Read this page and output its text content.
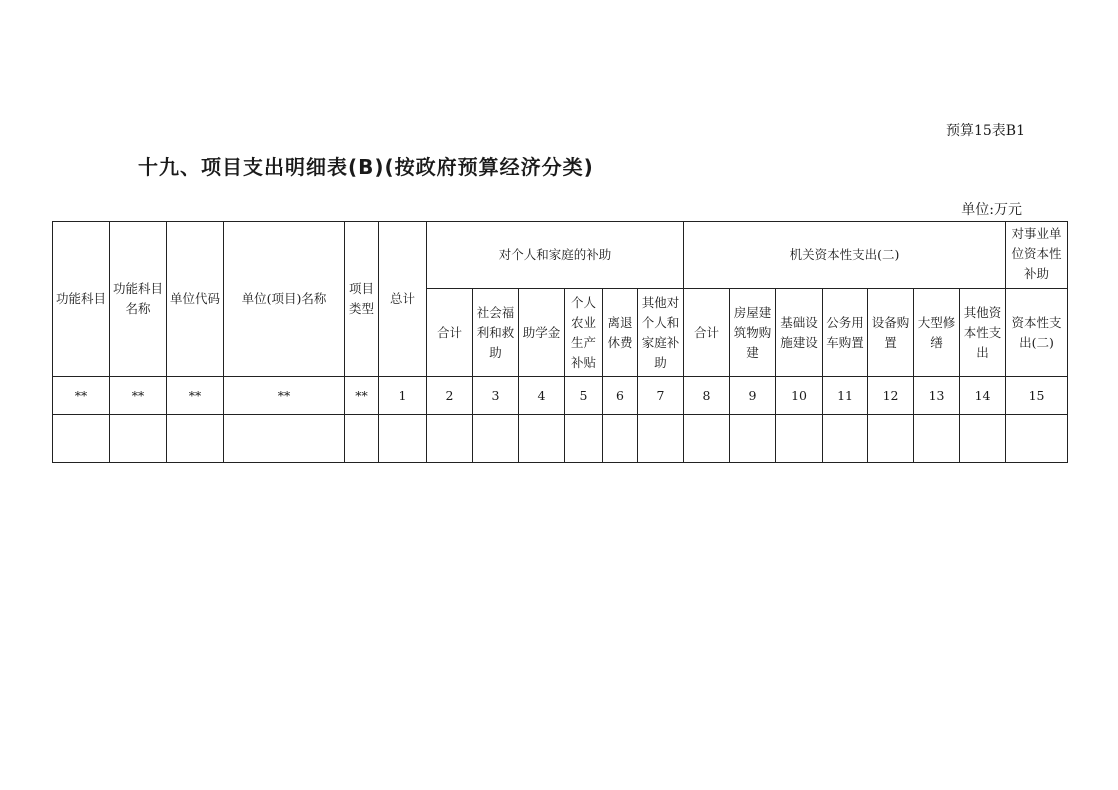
预算15表B1
十九、项目支出明细表(B)(按政府预算经济分类)
单位:万元
功能科目	功能科目名称	单位代码	单位(项目)名称	项目类型	总计	对个人和家庭的补助						机关资本性支出(二)							对事业单位资本性补助
						合计	社会福利和救助	助学金	个人农业生产补贴	离退休费	其他对个人和家庭补助	合计	房屋建筑物购建	基础设施建设	公务用车购置	设备购置	大型修缮	其他资本性支出	资本性支出(二)
**	**	**	**	**	1	2	3	4	5	6	7	8	9	10	11	12	13	14	15
